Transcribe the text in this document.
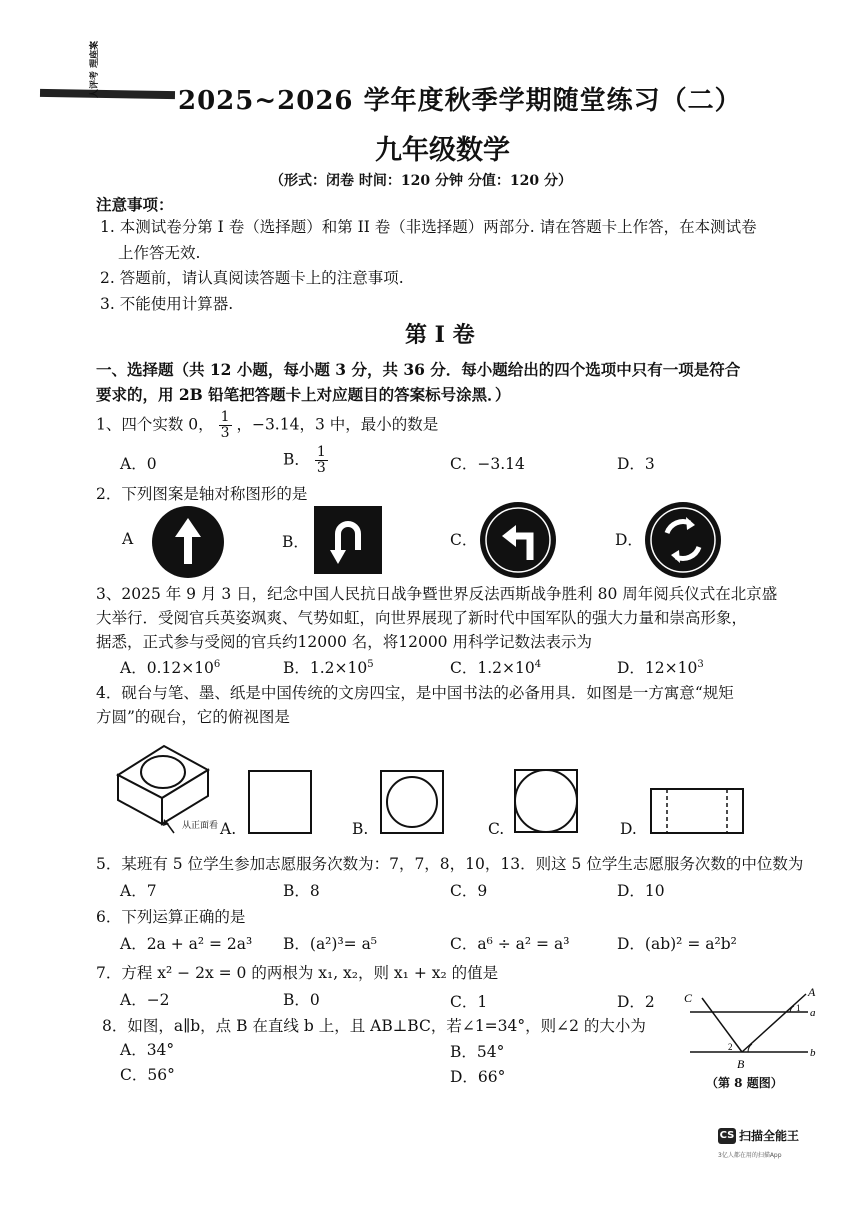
人评考 理座案
2025~2026 学年度秋季学期随堂练习（二）
九年级数学
（形式：闭卷 时间：120 分钟 分值：120 分）
注意事项：
1. 本测试卷分第 I 卷（选择题）和第 II 卷（非选择题）两部分. 请在答题卡上作答，在本测试卷
上作答无效.
2. 答题前，请认真阅读答题卡上的注意事项.
3. 不能使用计算器.
第 I 卷
一、选择题（共 12 小题，每小题 3 分，共 36 分．每小题给出的四个选项中只有一项是符合
要求的，用 2B 铅笔把答题卡上对应题目的答案标号涂黑．）
1、四个实数 0， $\frac{1}{3}$ ，−3.14，3 中，最小的数是
A．0	B． $\frac{1}{3}$	C．−3.14	D．3
2．下列图案是轴对称图形的是
A	B．	C．	D．
3、2025 年 9 月 3 日，纪念中国人民抗日战争暨世界反法西斯战争胜利 80 周年阅兵仪式在北京盛
大举行．受阅官兵英姿飒爽、气势如虹，向世界展现了新时代中国军队的强大力量和崇高形象，
据悉，正式参与受阅的官兵约12000 名，将12000 用科学记数法表示为
A．$0.12\times 10^6$	B．$1.2\times 10^5$	C．$1.2\times 10^4$	D．$12\times 10^3$
4．砚台与笔、墨、纸是中国传统的文房四宝，是中国书法的必备用具．如图是一方寓意“规矩
方圆”的砚台，它的俯视图是
从正面看 A.	B.	C.	D.
5．某班有 5 位学生参加志愿服务次数为：7，7，8，10，13．则这 5 位学生志愿服务次数的中位数为
A．7	B．8	C．9	D．10
6．下列运算正确的是
A．2a + a² = 2a³ B．(a²)³= a⁵	C．a⁶ ÷ a² = a³	D．(ab)² = a²b²
7．方程 x² − 2x = 0 的两根为 x₁, x₂，则 x₁ + x₂ 的值是
A．−2	B．0	C．1	D．2
8．如图，a∥b，点 B 在直线 b 上，且 AB⊥BC，若∠1=34°，则∠2 的大小为
A．34°	B．54°
C．56°	D．66°
C	A
a
b
B
1
2
（第 8 题图）
CS 扫描全能王
3亿人都在用的扫描App
